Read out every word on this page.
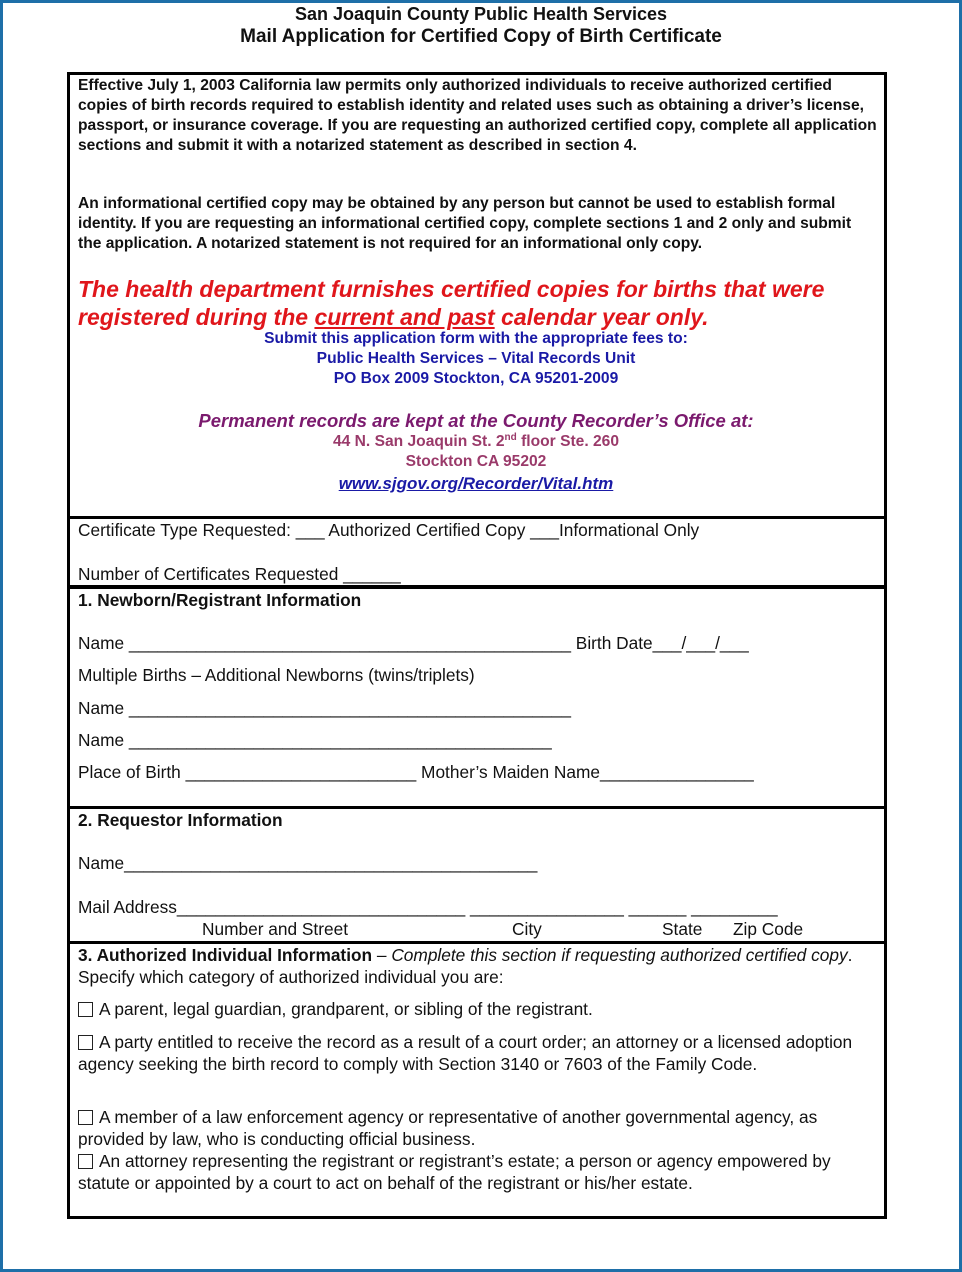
San Joaquin County Public Health Services
Mail Application for Certified Copy of Birth Certificate
Effective July 1, 2003 California law permits only authorized individuals to receive authorized certified copies of birth records required to establish identity and related uses such as obtaining a driver’s license, passport, or insurance coverage. If you are requesting an authorized certified copy, complete all application sections and submit it with a notarized statement as described in section 4.
An informational certified copy may be obtained by any person but cannot be used to establish formal identity. If you are requesting an informational certified copy, complete sections 1 and 2 only and submit the application. A notarized statement is not required for an informational only copy.
The health department furnishes certified copies for births that were registered during the current and past calendar year only.
Submit this application form with the appropriate fees to:
Public Health Services – Vital Records Unit
PO Box 2009 Stockton, CA 95201-2009
Permanent records are kept at the County Recorder’s Office at:
44 N. San Joaquin St. 2nd floor Ste. 260
Stockton CA 95202
www.sjgov.org/Recorder/Vital.htm
Certificate Type Requested: ___ Authorized Certified Copy ___Informational Only
Number of Certificates Requested ______
1. Newborn/Registrant Information
Name ______________________________________________ Birth Date___/___/___
Multiple Births – Additional Newborns (twins/triplets)
Name ______________________________________________
Name ____________________________________________
Place of Birth ________________________ Mother’s Maiden Name________________
2. Requestor Information
Name___________________________________________
Mail Address______________________________ ________________ ______ _________
Number and Street	City	State Zip Code
3. Authorized Individual Information – Complete this section if requesting authorized certified copy. Specify which category of authorized individual you are:
A parent, legal guardian, grandparent, or sibling of the registrant.
A party entitled to receive the record as a result of a court order; an attorney or a licensed adoption agency seeking the birth record to comply with Section 3140 or 7603 of the Family Code.
A member of a law enforcement agency or representative of another governmental agency, as provided by law, who is conducting official business.
An attorney representing the registrant or registrant’s estate; a person or agency empowered by statute or appointed by a court to act on behalf of the registrant or his/her estate.
